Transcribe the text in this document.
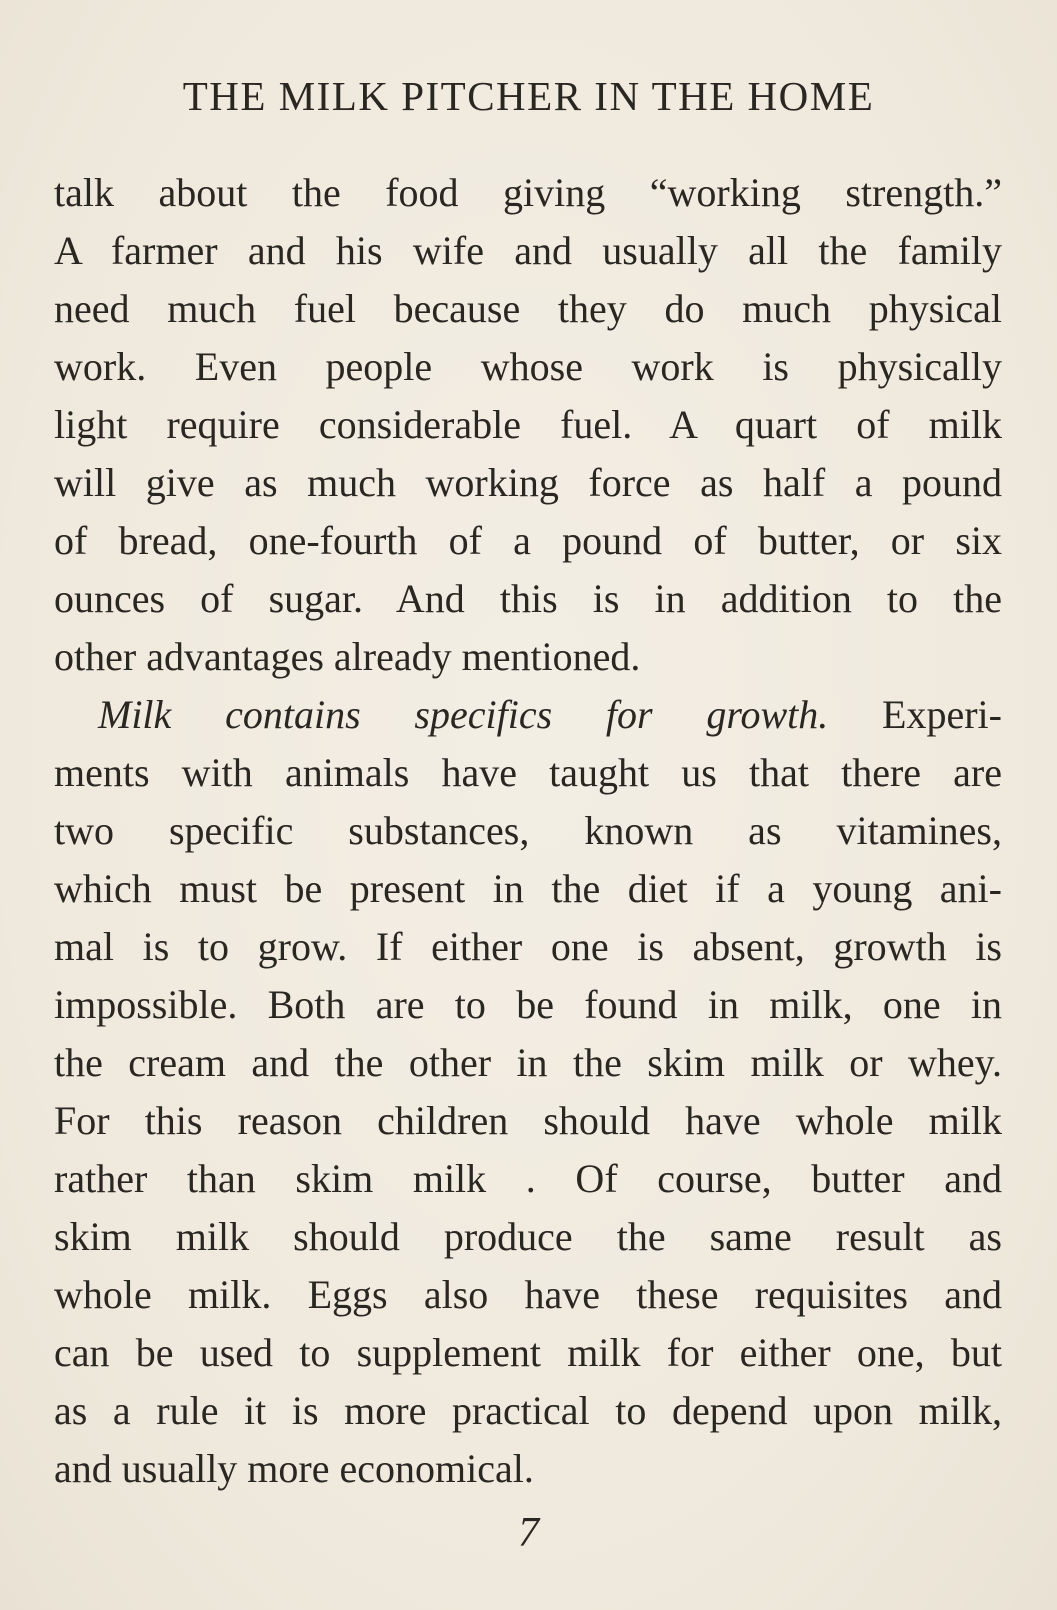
THE MILK PITCHER IN THE HOME
talk about the food giving “working strength.”
A farmer and his wife and usually all the family
need much fuel because they do much physical
work. Even people whose work is physically
light require considerable fuel. A quart of milk
will give as much working force as half a pound
of bread, one-fourth of a pound of butter, or six
ounces of sugar. And this is in addition to the
other advantages already mentioned.
Milk contains specifics for growth. Experi-
ments with animals have taught us that there are
two specific substances, known as vitamines,
which must be present in the diet if a young ani-
mal is to grow. If either one is absent, growth is
impossible. Both are to be found in milk, one in
the cream and the other in the skim milk or whey.
For this reason children should have whole milk
rather than skim milk . Of course, butter and
skim milk should produce the same result as
whole milk. Eggs also have these requisites and
can be used to supplement milk for either one, but
as a rule it is more practical to depend upon milk,
and usually more economical.
7
